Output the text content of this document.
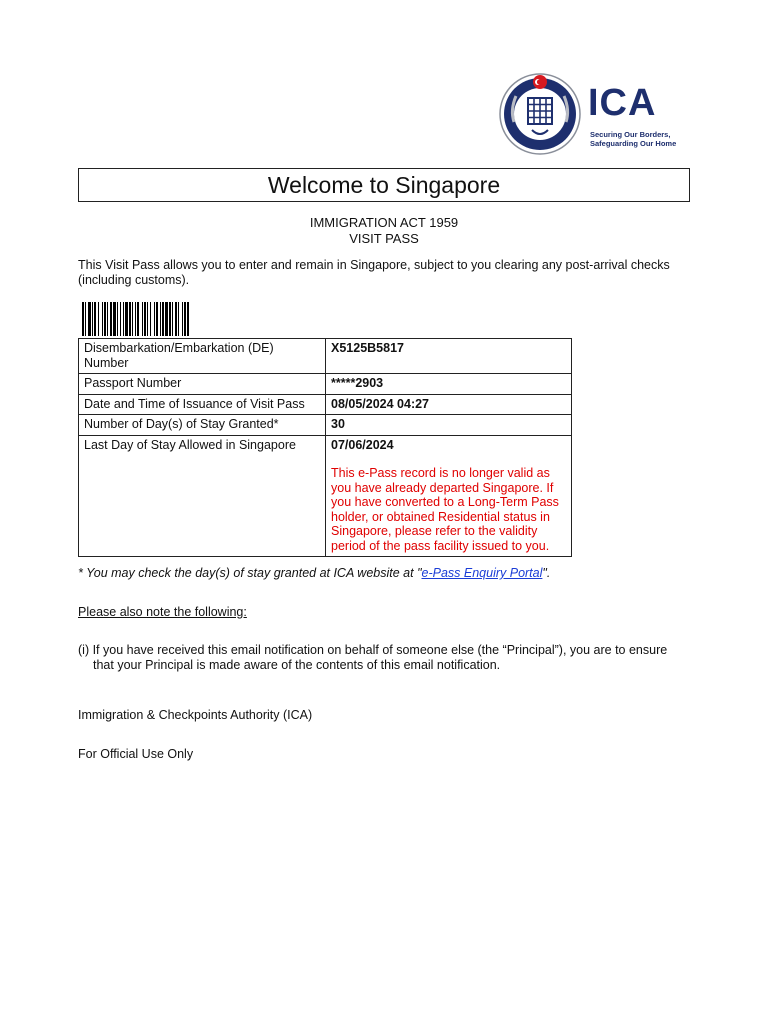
ICA
Securing Our Borders,
Safeguarding Our Home
Welcome to Singapore
IMMIGRATION ACT 1959
VISIT PASS
This Visit Pass allows you to enter and remain in Singapore, subject to you clearing any post-arrival checks (including customs).
Disembarkation/Embarkation (DE) Number	X5125B5817
Passport Number	*****2903
Date and Time of Issuance of Visit Pass	08/05/2024 04:27
Number of Day(s) of Stay Granted*	30
Last Day of Stay Allowed in Singapore	07/06/2024

This e-Pass record is no longer valid as you have already departed Singapore. If you have converted to a Long-Term Pass holder, or obtained Residential status in Singapore, please refer to the validity period of the pass facility issued to you.

* You may check the day(s) of stay granted at ICA website at "e-Pass Enquiry Portal".
Please also note the following:
(i) If you have received this email notification on behalf of someone else (the “Principal”), you are to ensure that your Principal is made aware of the contents of this email notification.
Immigration & Checkpoints Authority (ICA)
For Official Use Only
